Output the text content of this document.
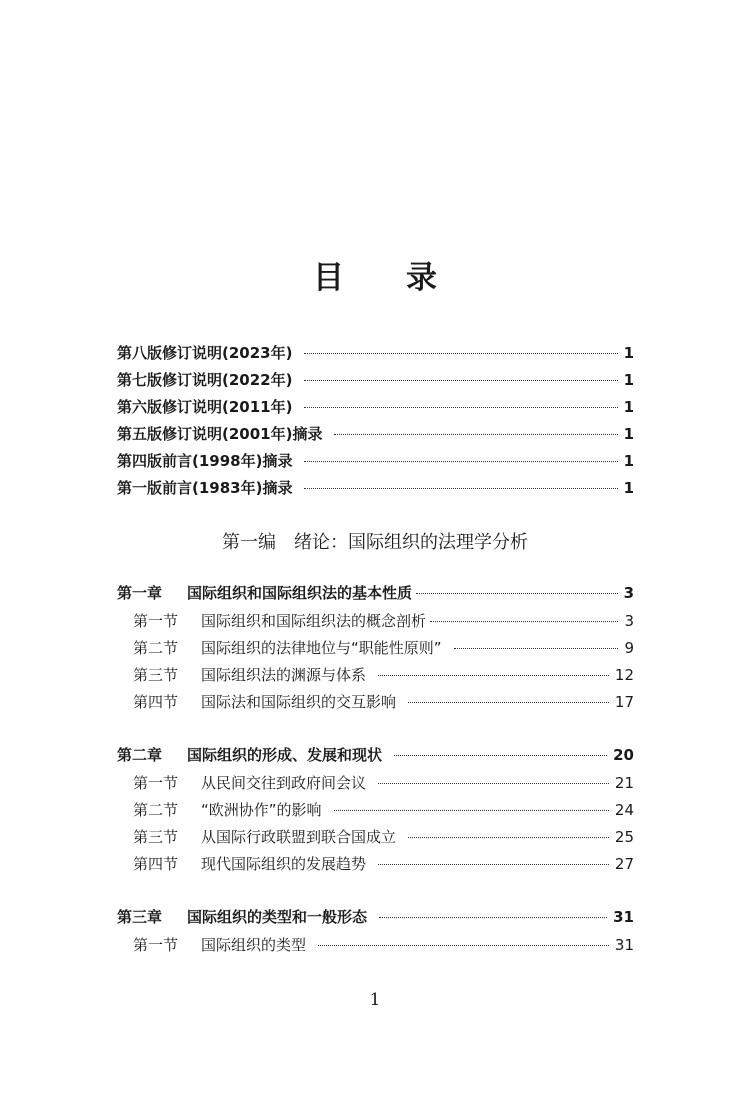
目 录
第八版修订说明(2023年)	1
第七版修订说明(2022年)	1
第六版修订说明(2011年)	1
第五版修订说明(2001年)摘录	1
第四版前言(1998年)摘录	1
第一版前言(1983年)摘录	1
第一编 绪论：国际组织的法理学分析
第一章 国际组织和国际组织法的基本性质	3
第一节 国际组织和国际组织法的概念剖析	3
第二节 国际组织的法律地位与“职能性原则”	9
第三节 国际组织法的渊源与体系	12
第四节 国际法和国际组织的交互影响	17
第二章 国际组织的形成、发展和现状	20
第一节 从民间交往到政府间会议	21
第二节 “欧洲协作”的影响	24
第三节 从国际行政联盟到联合国成立	25
第四节 现代国际组织的发展趋势	27
第三章 国际组织的类型和一般形态	31
第一节 国际组织的类型	31
1
